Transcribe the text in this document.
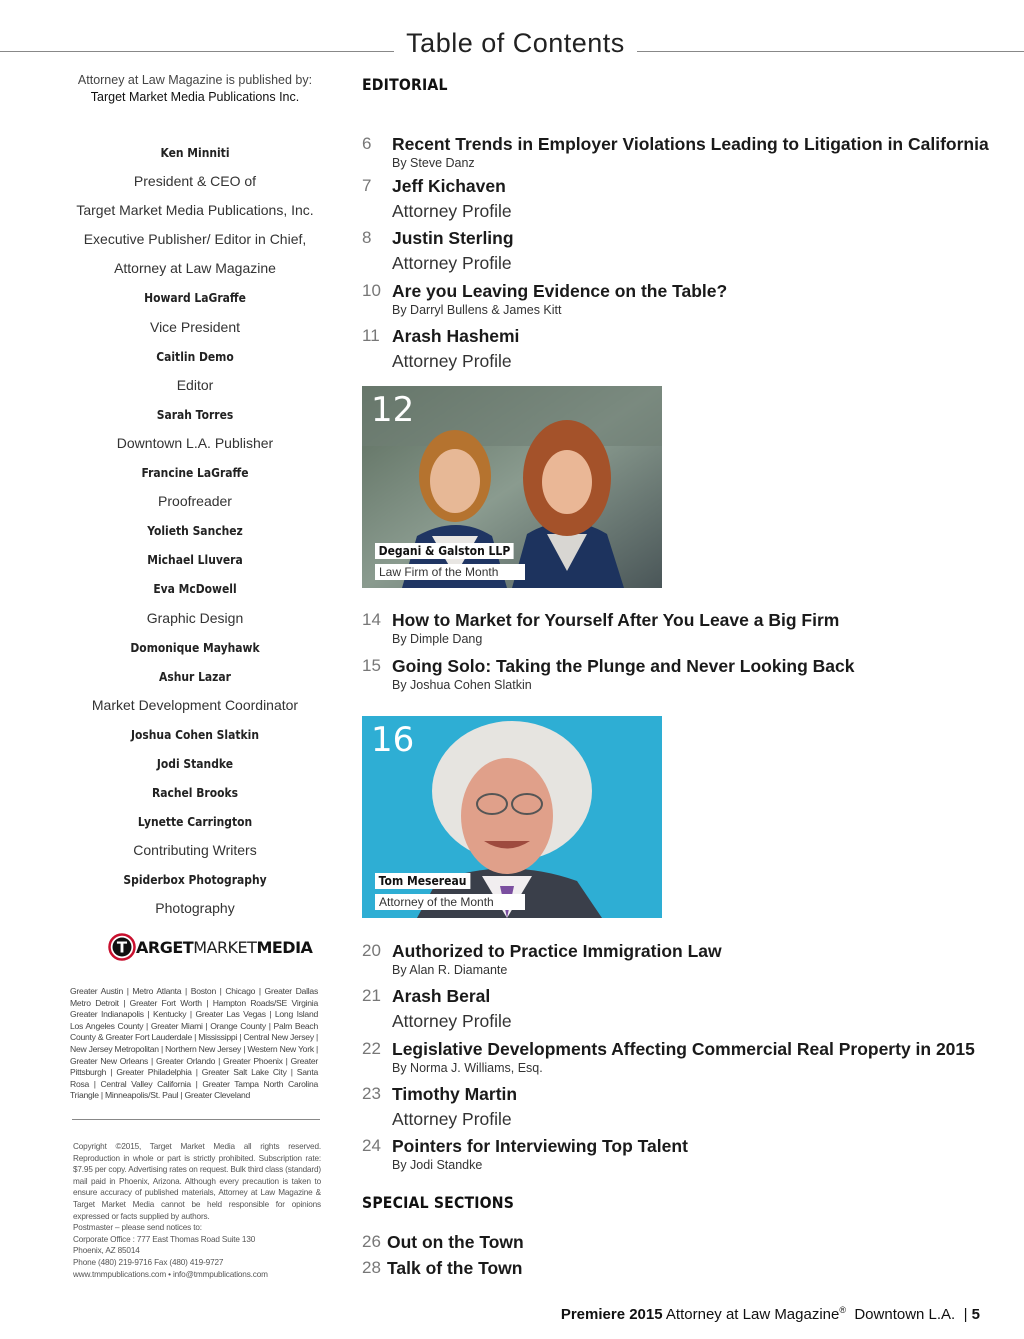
Table of Contents

Attorney at Law Magazine is published by:

Target Market Media Publications Inc.

Ken Minniti
President & CEO of
Target Market Media Publications, Inc.
Executive Publisher/ Editor in Chief,
Attorney at Law Magazine
Howard LaGraffe
Vice President
Caitlin Demo
Editor
Sarah Torres
Downtown L.A. Publisher
Francine LaGraffe
Proofreader
Yolieth Sanchez
Michael Lluvera
Eva McDowell
Graphic Design
Domonique Mayhawk
Ashur Lazar
Market Development Coordinator
Joshua Cohen Slatkin
Jodi Standke
Rachel Brooks
Lynette Carrington
Contributing Writers
Spiderbox Photography
Photography
T ARGETMARKETMEDIA
Greater Austin | Metro Atlanta | Boston | Chicago | Greater Dallas Metro Detroit | Greater Fort Worth | Hampton Roads/SE Virginia Greater Indianapolis | Kentucky | Greater Las Vegas | Long Island Los Angeles County | Greater Miami | Orange County | Palm Beach County & Greater Fort Lauderdale | Mississippi | Central New Jersey | New Jersey Metropolitan | Northern New Jersey | Western New York | Greater New Orleans | Greater Orlando | Greater Phoenix | Greater Pittsburgh | Greater Philadelphia | Greater Salt Lake City | Santa Rosa | Central Valley California | Greater Tampa North Carolina Triangle | Minneapolis/St. Paul | Greater Cleveland

Copyright ©2015, Target Market Media all rights reserved. Reproduction in whole or part is strictly prohibited. Subscription rate: $7.95 per copy. Advertising rates on request. Bulk third class (standard) mail paid in Phoenix, Arizona. Although every precaution is taken to ensure accuracy of published materials, Attorney at Law Magazine & Target Market Media cannot be held responsible for opinions expressed or facts supplied by authors.

Postmaster – please send notices to:

Corporate Office : 777 East Thomas Road Suite 130

Phoenix, AZ 85014

Phone (480) 219-9716 Fax (480) 419-9727

www.tmmpublications.com • info@tmmpublications.com

EDITORIAL
6	Recent Trends in Employer Violations Leading to Litigation in California
By Steve Danz
7	Jeff Kichaven
Attorney Profile
8	Justin Sterling
Attorney Profile
10 Are you Leaving Evidence on the Table?
By Darryl Bullens & James Kitt
11 Arash Hashemi
Attorney Profile
12
Degani & Galston LLP
Law Firm of the Month
14 How to Market for Yourself After You Leave a Big Firm
By Dimple Dang
15 Going Solo: Taking the Plunge and Never Looking Back
By Joshua Cohen Slatkin
16
Tom Mesereau
Attorney of the Month
20 Authorized to Practice Immigration Law
By Alan R. Diamante
21 Arash Beral
Attorney Profile
22 Legislative Developments Affecting Commercial Real Property in 2015
By Norma J. Williams, Esq.
23 Timothy Martin
Attorney Profile
24 Pointers for Interviewing Top Talent
By Jodi Standke
SPECIAL SECTIONS
26 Out on the Town
28 Talk of the Town
Premiere 2015 Attorney at Law Magazine® Downtown L.A. | 5
